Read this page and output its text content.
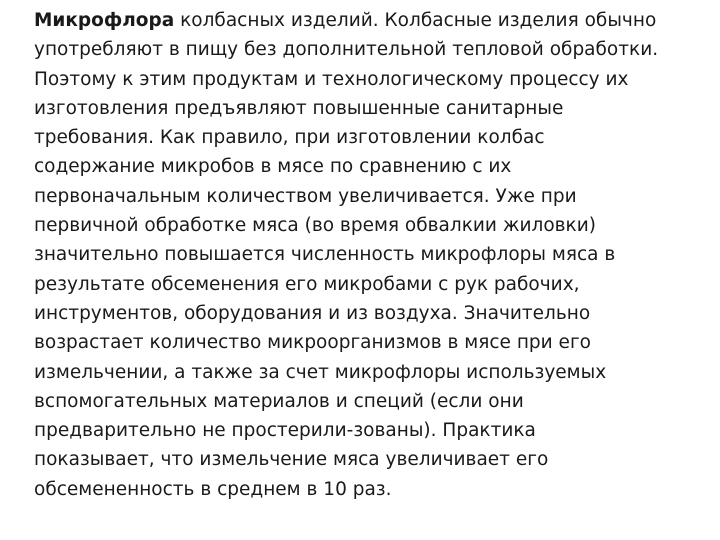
Микрофлора колбасных изделий. Колбасные изделия обычно
употребляют в пищу без дополнительной тепловой обработки.
Поэтому к этим продуктам и технологическому процессу их
изготовления предъявляют повышенные санитарные
требования. Как правило, при изготовлении колбас
содержание микробов в мясе по сравнению с их
первоначальным количеством увеличивается. Уже при
первичной обработке мяса (во время обвалкии жиловки)
значительно повышается численность микрофлоры мяса в
результате обсеменения его микробами с рук рабочих,
инструментов, оборудования и из воздуха. Значительно
возрастает количество микроорганизмов в мясе при его
измельчении, а также за счет микрофлоры используемых
вспомогательных материалов и специй (если они
предварительно не простерили-зованы). Практика
показывает, что измельчение мяса увеличивает его
обсемененность в среднем в 10 раз.
